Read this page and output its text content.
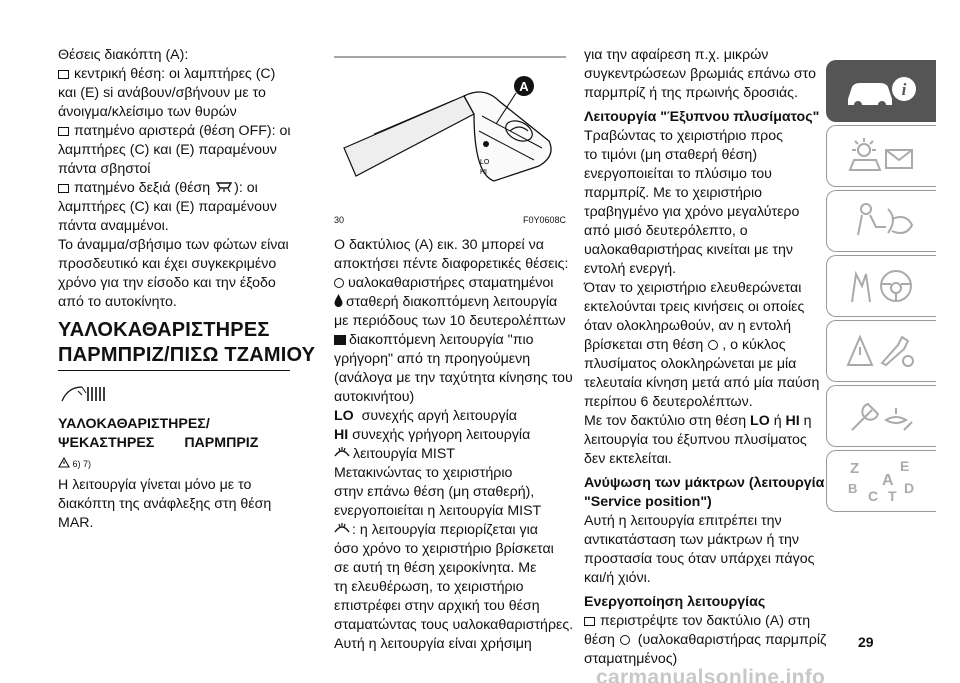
Θέσεις διακόπτη (A):
κεντρική θέση: οι λαμπτήρες (C)
και (E) si ανάβουν/σβήνουν με το
άνοιγμα/κλείσιμο των θυρών
πατημένο αριστερά (θέση OFF): οι
λαμπτήρες (C) και (E) παραμένουν
πάντα σβηστοί
πατημένο δεξιά (θέση ): οι
λαμπτήρες (C) και (E) παραμένουν
πάντα αναμμένοι.
Το άναμμα/σβήσιμο των φώτων είναι
προσδευτικό και έχει συγκεκριμένο
χρόνο για την είσοδο και την έξοδο
από το αυτοκίνητο.
ΥΑΛΟΚΑΘΑΡΙΣΤΗΡΕΣ
ΠΑΡΜΠΡΙΖ/ΠΙΣΩ ΤΖΑΜΙΟΥ
ΥΑΛΟΚΑΘΑΡΙΣΤΗΡΕΣ/
ΨΕΚΑΣΤΗΡΕΣ ΠΑΡΜΠΡΙΖ
6) 7)
Η λειτουργία γίνεται μόνο με το
διακόπτη της ανάφλεξης στη θέση
MAR.
LO
HI
A
30	F0Y0608C
Ο δακτύλιος (A) εικ. 30 μπορεί να
αποκτήσει πέντε διαφορετικές θέσεις:
υαλοκαθαριστήρες σταματημένοι
σταθερή διακοπτόμενη λειτουργία
με περιόδους των 10 δευτερολέπτων
διακοπτόμενη λειτουργία "πιο
γρήγορη" από τη προηγούμενη
(ανάλογα με την ταχύτητα κίνησης του
αυτοκινήτου)
LO συνεχής αργή λειτουργία
HI συνεχής γρήγορη λειτουργία
λειτουργία MIST
Μετακινώντας το χειριστήριο
στην επάνω θέση (μη σταθερή),
ενεργοποιείται η λειτουργία MIST
: η λειτουργία περιορίζεται για
όσο χρόνο το χειριστήριο βρίσκεται
σε αυτή τη θέση χειροκίνητα. Με
τη ελευθέρωση, το χειριστήριο
επιστρέφει στην αρχική του θέση
σταματώντας τους υαλοκαθαριστήρες.
Αυτή η λειτουργία είναι χρήσιμη
για την αφαίρεση π.χ. μικρών
συγκεντρώσεων βρωμιάς επάνω στο
παρμπρίζ ή της πρωινής δροσιάς.
Λειτουργία "Έξυπνου πλυσίματος"
Τραβώντας το χειριστήριο προς
το τιμόνι (μη σταθερή θέση)
ενεργοποιείται το πλύσιμο του
παρμπρίζ. Με το χειριστήριο
τραβηγμένο για χρόνο μεγαλύτερο
από μισό δευτερόλεπτο, ο
υαλοκαθαριστήρας κινείται με την
εντολή ενεργή.
Όταν το χειριστήριο ελευθερώνεται
εκτελούνται τρεις κινήσεις οι οποίες
όταν ολοκληρωθούν, αν η εντολή
βρίσκεται στη θέση , ο κύκλος
πλυσίματος ολοκληρώνεται με μία
τελευταία κίνηση μετά από μία παύση
περίπου 6 δευτερολέπτων.
Με τον δακτύλιο στη θέση LO ή HI η
λειτουργία του έξυπνου πλυσίματος
δεν εκτελείται.
Ανύψωση των μάκτρων (λειτουργία
"Service position")
Αυτή η λειτουργία επιτρέπει την
αντικατάσταση των μάκτρων ή την
προστασία τους όταν υπάρχει πάγος
και/ή χιόνι.
Ενεργοποίηση λειτουργίας
περιστρέψτε τον δακτύλιο (A) στη
θέση  (υαλοκαθαριστήρας παρμπρίζ
σταματημένος)
i
Z	E
A
B C T D
29
carmanualsonline.info
